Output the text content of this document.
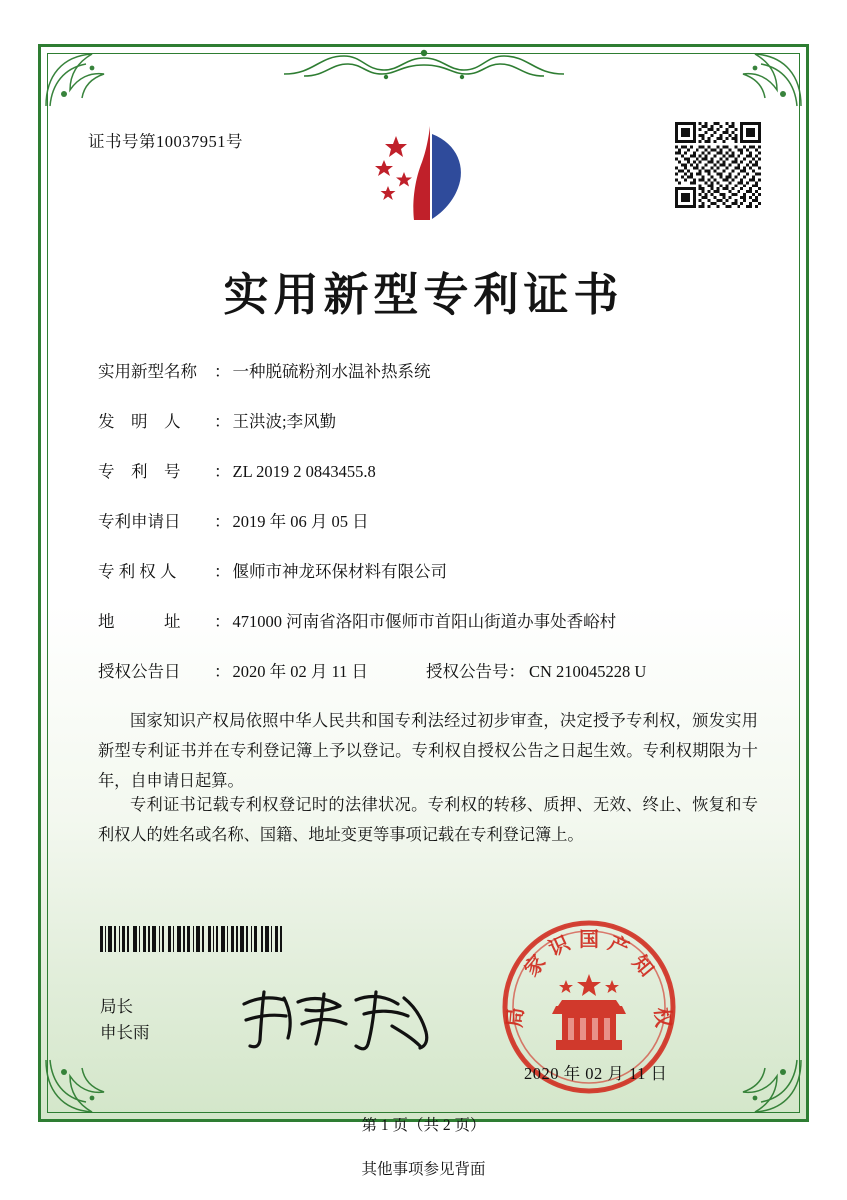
证书号第10037951号
实用新型专利证书
实用新型名称	： 一种脱硫粉剂水温补热系统
发　明　人	： 王洪波;李风勤
专　利　号	： ZL 2019 2 0843455.8
专利申请日	： 2019 年 06 月 05 日
专 利 权 人	： 偃师市神龙环保材料有限公司
地　　　址	： 471000 河南省洛阳市偃师市首阳山街道办事处香峪村
授权公告日	： 2020 年 02 月 11 日	授权公告号 ： CN 210045228 U
国家知识产权局依照中华人民共和国专利法经过初步审查，决定授予专利权，颁发实用新型专利证书并在专利登记簿上予以登记。专利权自授权公告之日起生效。专利权期限为十年，自申请日起算。
专利证书记载专利权登记时的法律状况。专利权的转移、质押、无效、终止、恢复和专利权人的姓名或名称、国籍、地址变更等事项记载在专利登记簿上。
局长
申长雨
国
家
局
知
权
识 产
2020 年 02 月 11 日
第 1 页（共 2 页）
其他事项参见背面
